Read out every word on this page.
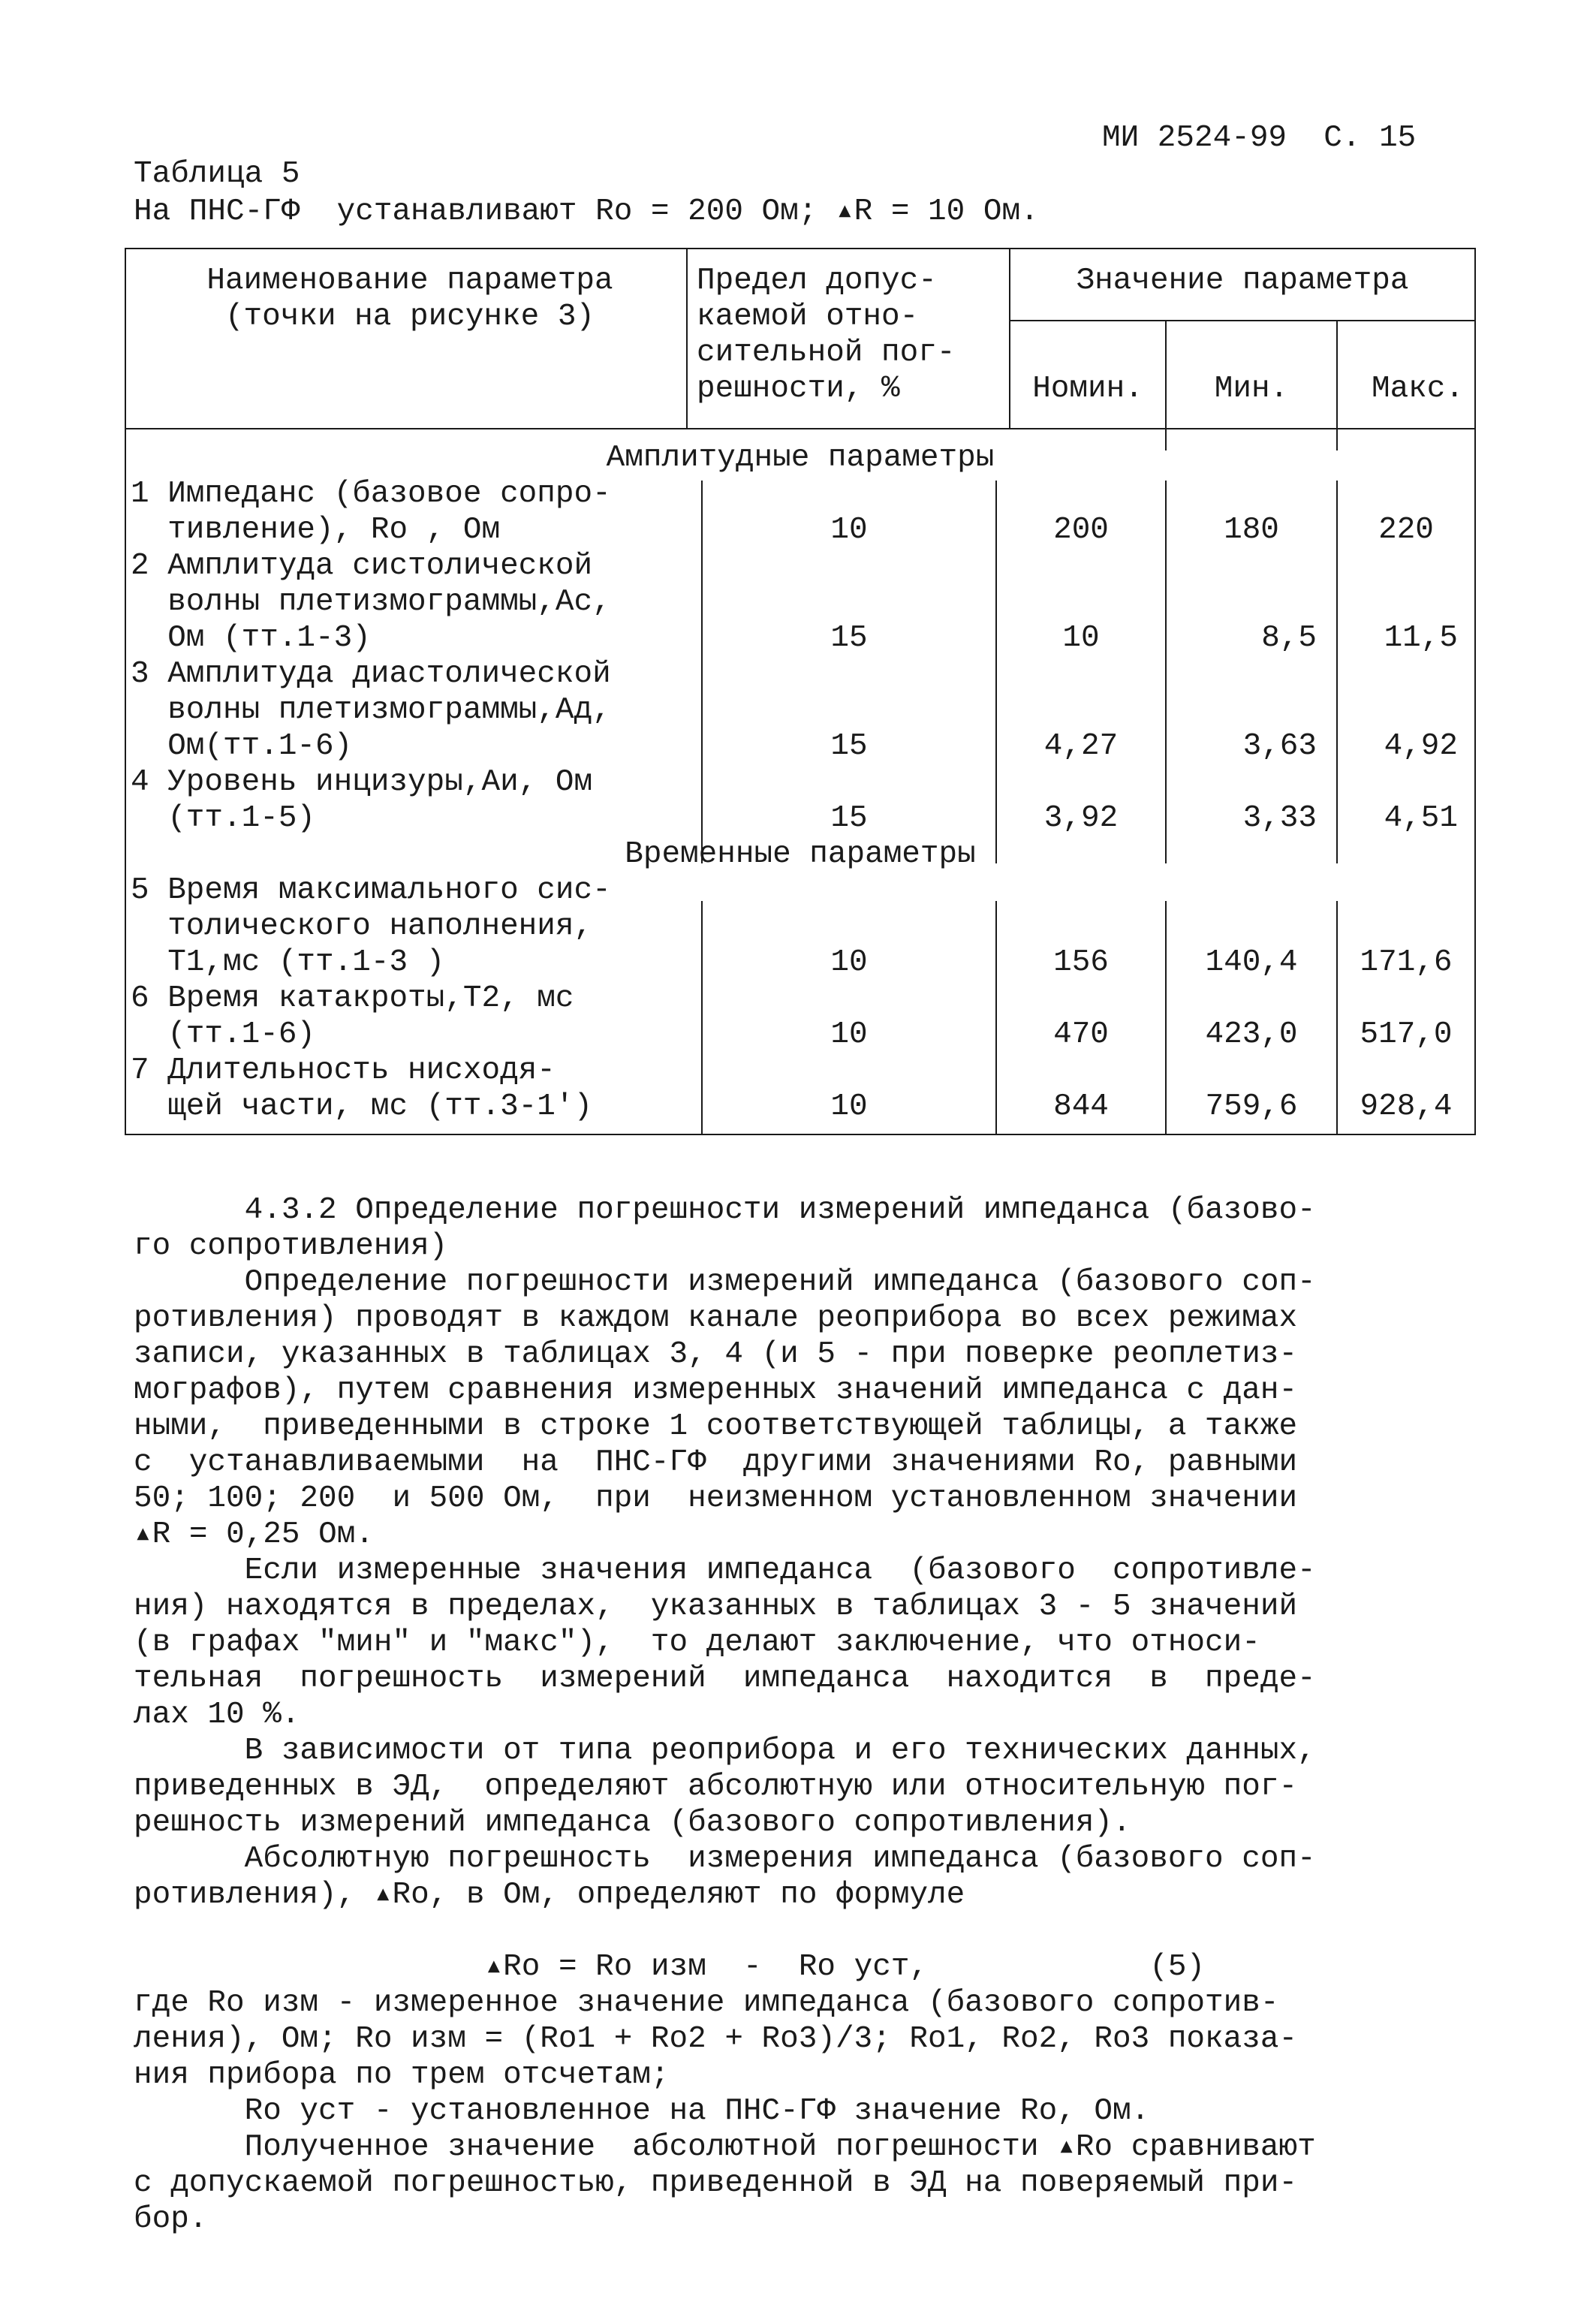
МИ 2524-99 С. 15
Таблица 5
На ПНС-ГФ  устанавливают Ro = 200 Ом; ▴R = 10 Ом.
Наименование параметра
(точки на рисунке 3)
Предел допус-
каемой отно-
сительной пог-
решности, %
Значение параметра
Номин.	Мин.	Макс.
Амплитудные параметры
1 Импеданс (базовое сопро-
тивление), Ro , Ом	10	200	180	220
2 Амплитуда систолической
волны плетизмограммы,Ас,
Ом (тт.1-3)	15	10	8,5	11,5
3 Амплитуда диастолической
волны плетизмограммы,Ад,
Ом(тт.1-6)	15	4,27	3,63	4,92
4 Уровень инцизуры,Аи, Ом
(тт.1-5)	15	3,92	3,33	4,51
Временные параметры
5 Время максимального сис-
толического наполнения,
Т1,мс (тт.1-3 )	10	156	140,4	171,6
6 Время катакроты,Т2, мс
(тт.1-6)	10	470	423,0	517,0
7 Длительность нисходя-
щей части, мс (тт.3-1')	10	844	759,6	928,4
4.3.2 Определение погрешности измерений импеданса (базово-
го сопротивления)
Определение погрешности измерений импеданса (базового соп-
ротивления) проводят в каждом канале реоприбора во всех режимах
записи, указанных в таблицах 3, 4 (и 5 - при поверке реоплетиз-
мографов), путем сравнения измеренных значений импеданса с дан-
ными,  приведенными в строке 1 соответствующей таблицы, а также
с  устанавливаемыми  на  ПНС-ГФ  другими значениями Ro, равными
50; 100; 200  и 500 Ом,  при  неизменном установленном значении
▴R = 0,25 Ом.
Если измеренные значения импеданса  (базового  сопротивле-
ния) находятся в пределах,  указанных в таблицах 3 - 5 значений
(в графах "мин" и "макс"),  то делают заключение, что относи-
тельная  погрешность  измерений  импеданса  находится  в  преде-
лах 10 %.
В зависимости от типа реоприбора и его технических данных,
приведенных в ЭД,  определяют абсолютную или относительную пог-
решность измерений импеданса (базового сопротивления).
Абсолютную погрешность  измерения импеданса (базового соп-
ротивления), ▴Ro, в Ом, определяют по формуле
▴Ro = Ro изм  -  Ro уст,            (5)
где Ro изм - измеренное значение импеданса (базового сопротив-
ления), Ом; Ro изм = (Ro1 + Ro2 + Ro3)/3; Ro1, Ro2, Ro3 показа-
ния прибора по трем отсчетам;
Ro уст - установленное на ПНС-ГФ значение Ro, Ом.
Полученное значение  абсолютной погрешности ▴Ro сравнивают
с допускаемой погрешностью, приведенной в ЭД на поверяемый при-
бор.
